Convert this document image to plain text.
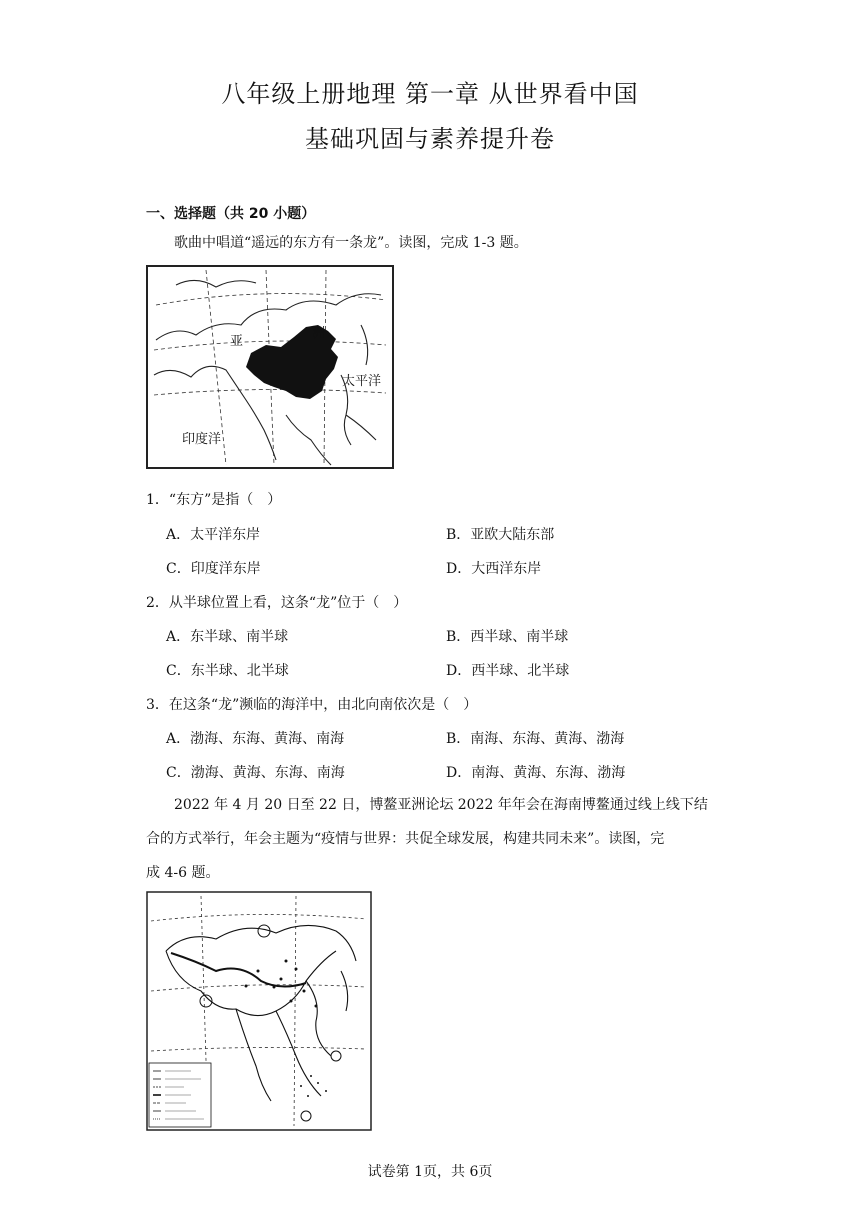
八年级上册地理 第一章 从世界看中国
基础巩固与素养提升卷
一、选择题（共 20 小题）
歌曲中唱道“遥远的东方有一条龙”。读图，完成 1-3 题。
亚
洲
太平洋
印度洋
1．“东方”是指（　）
A．太平洋东岸	B．亚欧大陆东部
C．印度洋东岸	D．大西洋东岸
2．从半球位置上看，这条“龙”位于（　）
A．东半球、南半球	B．西半球、南半球
C．东半球、北半球	D．西半球、北半球
3．在这条“龙”濒临的海洋中，由北向南依次是（　）
A．渤海、东海、黄海、南海	B．南海、东海、黄海、渤海
C．渤海、黄海、东海、南海	D．南海、黄海、东海、渤海
2022 年 4 月 20 日至 22 日，博鳌亚洲论坛 2022 年年会在海南博鳌通过线上线下结
合的方式举行，年会主题为“疫情与世界：共促全球发展，构建共同未来”。读图，完
成 4-6 题。
试卷第 1页，共 6页
